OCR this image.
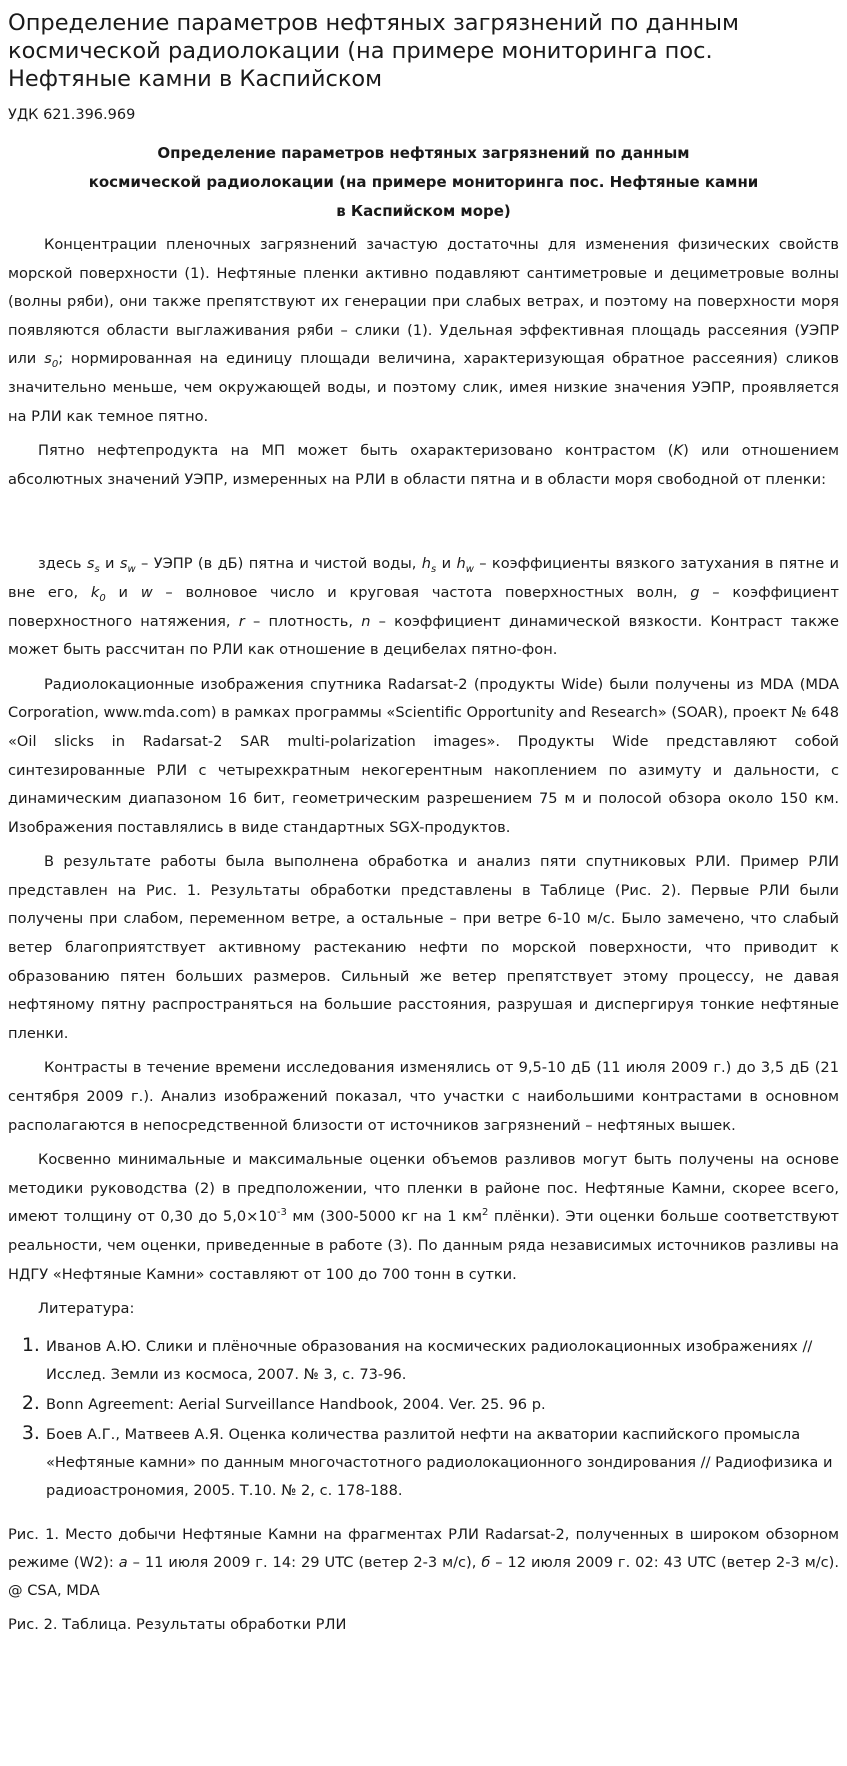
Определение параметров нефтяных загрязнений по данным космической радиолокации (на примере мониторинга пос. Нефтяные камни в Каспийском
УДК 621.396.969
Определение параметров нефтяных загрязнений по данным
космической радиолокации (на примере мониторинга пос. Нефтяные камни
в Каспийском море)

Концентрации пленочных загрязнений зачастую достаточны для изменения физических свойств морской поверхности (1). Нефтяные пленки активно подавляют сантиметровые и дециметровые волны (волны ряби), они также препятствуют их генерации при слабых ветрах, и поэтому на поверхности моря появляются области выглаживания ряби – слики (1). Удельная эффективная площадь рассеяния (УЭПР или $s_0$; нормированная на единицу площади величина, характеризующая обратное рассеяния) сликов значительно меньше, чем окружающей воды, и поэтому слик, имея низкие значения УЭПР, проявляется на РЛИ как темное пятно.

Пятно нефтепродукта на МП может быть охарактеризовано контрастом (K) или отношением абсолютных значений УЭПР, измеренных на РЛИ в области пятна и в области моря свободной от пленки:

здесь $s_s$ и $s_w$ – УЭПР (в дБ) пятна и чистой воды, $h_s$ и $h_w$ – коэффициенты вязкого затухания в пятне и вне его, $k_0$ и w – волновое число и круговая частота поверхностных волн, g – коэффициент поверхностного натяжения, r – плотность, n – коэффициент динамической вязкости. Контраст также может быть рассчитан по РЛИ как отношение в децибелах пятно-фон.

Радиолокационные изображения спутника Radarsat-2 (продукты Wide) были получены из MDA (MDA Corporation, www.mda.com) в рамках программы «Scientific Opportunity and Research» (SOAR), проект № 648 «Oil slicks in Radarsat-2 SAR multi-polarization images». Продукты Wide представляют собой синтезированные РЛИ с четырехкратным некогерентным накоплением по азимуту и дальности, с динамическим диапазоном 16 бит, геометрическим разрешением 75 м и полосой обзора около 150 км. Изображения поставлялись в виде стандартных SGX-продуктов.

В результате работы была выполнена обработка и анализ пяти спутниковых РЛИ. Пример РЛИ представлен на Рис. 1. Результаты обработки представлены в Таблице (Рис. 2). Первые РЛИ были получены при слабом, переменном ветре, а остальные – при ветре 6-10 м/с. Было замечено, что слабый ветер благоприятствует активному растеканию нефти по морской поверхности, что приводит к образованию пятен больших размеров. Сильный же ветер препятствует этому процессу, не давая нефтяному пятну распространяться на большие расстояния, разрушая и диспергируя тонкие нефтяные пленки.

Контрасты в течение времени исследования изменялись от 9,5-10 дБ (11 июля 2009 г.) до 3,5 дБ (21 сентября 2009 г.). Анализ изображений показал, что участки с наибольшими контрастами в основном располагаются в непосредственной близости от источников загрязнений – нефтяных вышек.

Косвенно минимальные и максимальные оценки объемов разливов могут быть получены на основе методики руководства (2) в предположении, что пленки в районе пос. Нефтяные Камни, скорее всего, имеют толщину от 0,30 до $5,0\times 10^{-3}$ мм (300-5000 кг на 1 $км^2$ плёнки). Эти оценки больше соответствуют реальности, чем оценки, приведенные в работе (3). По данным ряда независимых источников разливы на НДГУ «Нефтяные Камни» составляют от 100 до 700 тонн в сутки.

Литература:
1. Иванов А.Ю. Слики и плёночные образования на космических радиолокационных изображениях // Исслед. Земли из космоса, 2007. № 3, с. 73-96.
2. Bonn Agreement: Aerial Surveillance Handbook, 2004. Ver. 25. 96 p.
3. Боев А.Г., Матвеев А.Я. Оценка количества разлитой нефти на акватории каспийского промысла «Нефтяные камни» по данным многочастотного радиолокационного зондирования // Радиофизика и радиоастрономия, 2005. Т.10. № 2, с. 178-188.

Рис. 1. Место добычи Нефтяные Камни на фрагментах РЛИ Radarsat-2, полученных в широком обзорном режиме (W2): а – 11 июля 2009 г. 14: 29 UTC (ветер 2-3 м/с), б – 12 июля 2009 г. 02: 43 UTC (ветер 2-3 м/с). @ CSA, MDA

Рис. 2. Таблица. Результаты обработки РЛИ
